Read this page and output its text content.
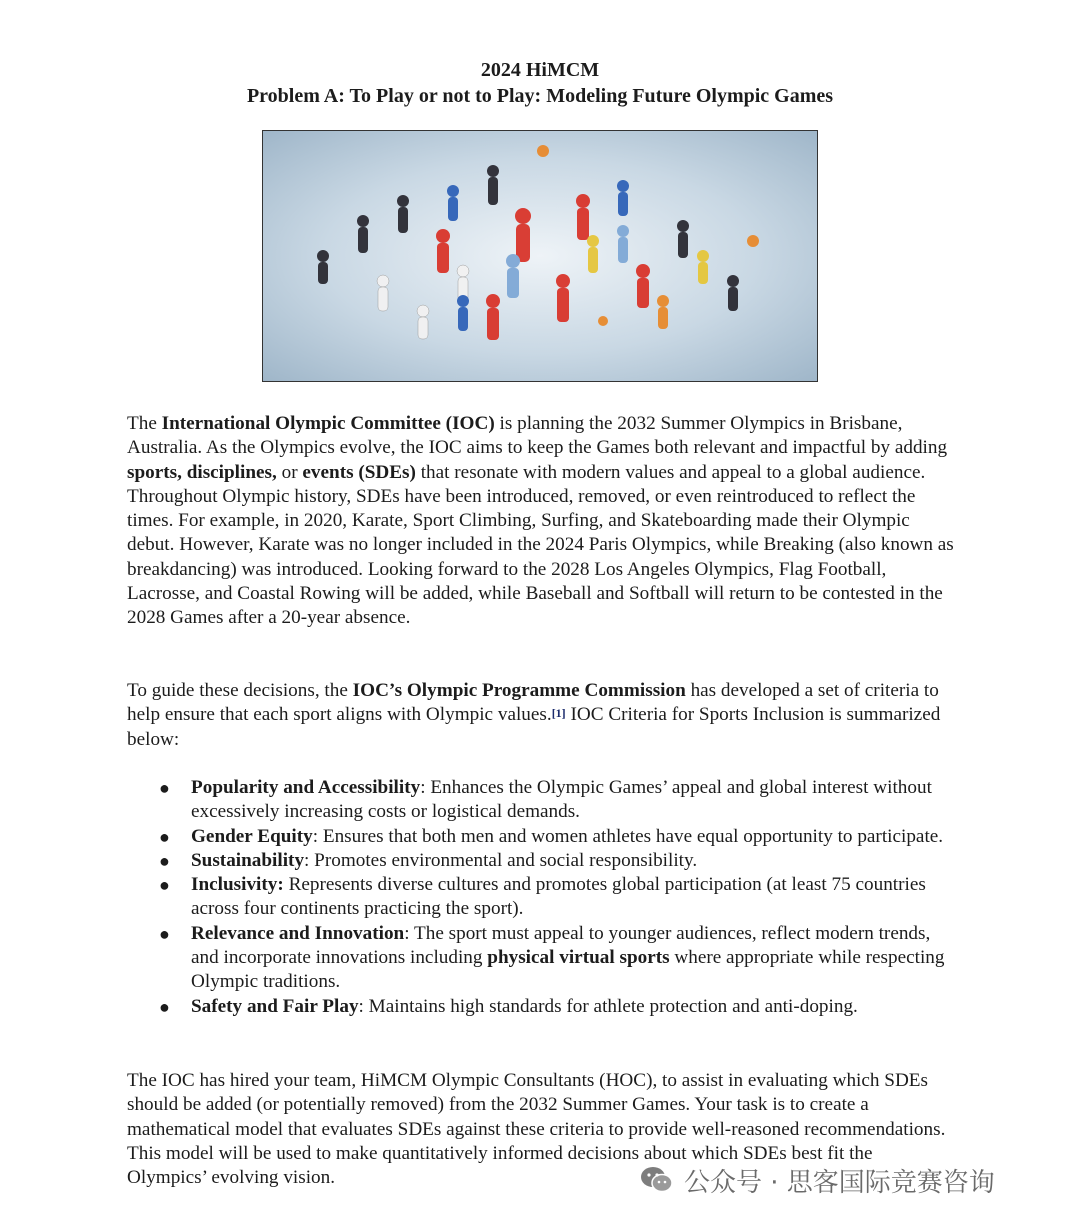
2024 HiMCM
Problem A: To Play or not to Play: Modeling Future Olympic Games
The International Olympic Committee (IOC) is planning the 2032 Summer Olympics in Brisbane, Australia. As the Olympics evolve, the IOC aims to keep the Games both relevant and impactful by adding sports, disciplines, or events (SDEs) that resonate with modern values and appeal to a global audience. Throughout Olympic history, SDEs have been introduced, removed, or even reintroduced to reflect the times. For example, in 2020, Karate, Sport Climbing, Surfing, and Skateboarding made their Olympic debut. However, Karate was no longer included in the 2024 Paris Olympics, while Breaking (also known as breakdancing) was introduced. Looking forward to the 2028 Los Angeles Olympics, Flag Football, Lacrosse, and Coastal Rowing will be added, while Baseball and Softball will return to be contested in the 2028 Games after a 20-year absence.
To guide these decisions, the IOC’s Olympic Programme Commission has developed a set of criteria to help ensure that each sport aligns with Olympic values.[1] IOC Criteria for Sports Inclusion is summarized below:
● Popularity and Accessibility: Enhances the Olympic Games’ appeal and global interest without excessively increasing costs or logistical demands.
● Gender Equity: Ensures that both men and women athletes have equal opportunity to participate.
● Sustainability: Promotes environmental and social responsibility.
● Inclusivity: Represents diverse cultures and promotes global participation (at least 75 countries across four continents practicing the sport).
● Relevance and Innovation: The sport must appeal to younger audiences, reflect modern trends, and incorporate innovations including physical virtual sports where appropriate while respecting Olympic traditions.
● Safety and Fair Play: Maintains high standards for athlete protection and anti-doping.
The IOC has hired your team, HiMCM Olympic Consultants (HOC), to assist in evaluating which SDEs should be added (or potentially removed) from the 2032 Summer Games. Your task is to create a mathematical model that evaluates SDEs against these criteria to provide well-reasoned recommendations. This model will be used to make quantitatively informed decisions about which SDEs best fit the Olympics’ evolving vision.	公众号 · 思客国际竞赛咨询
